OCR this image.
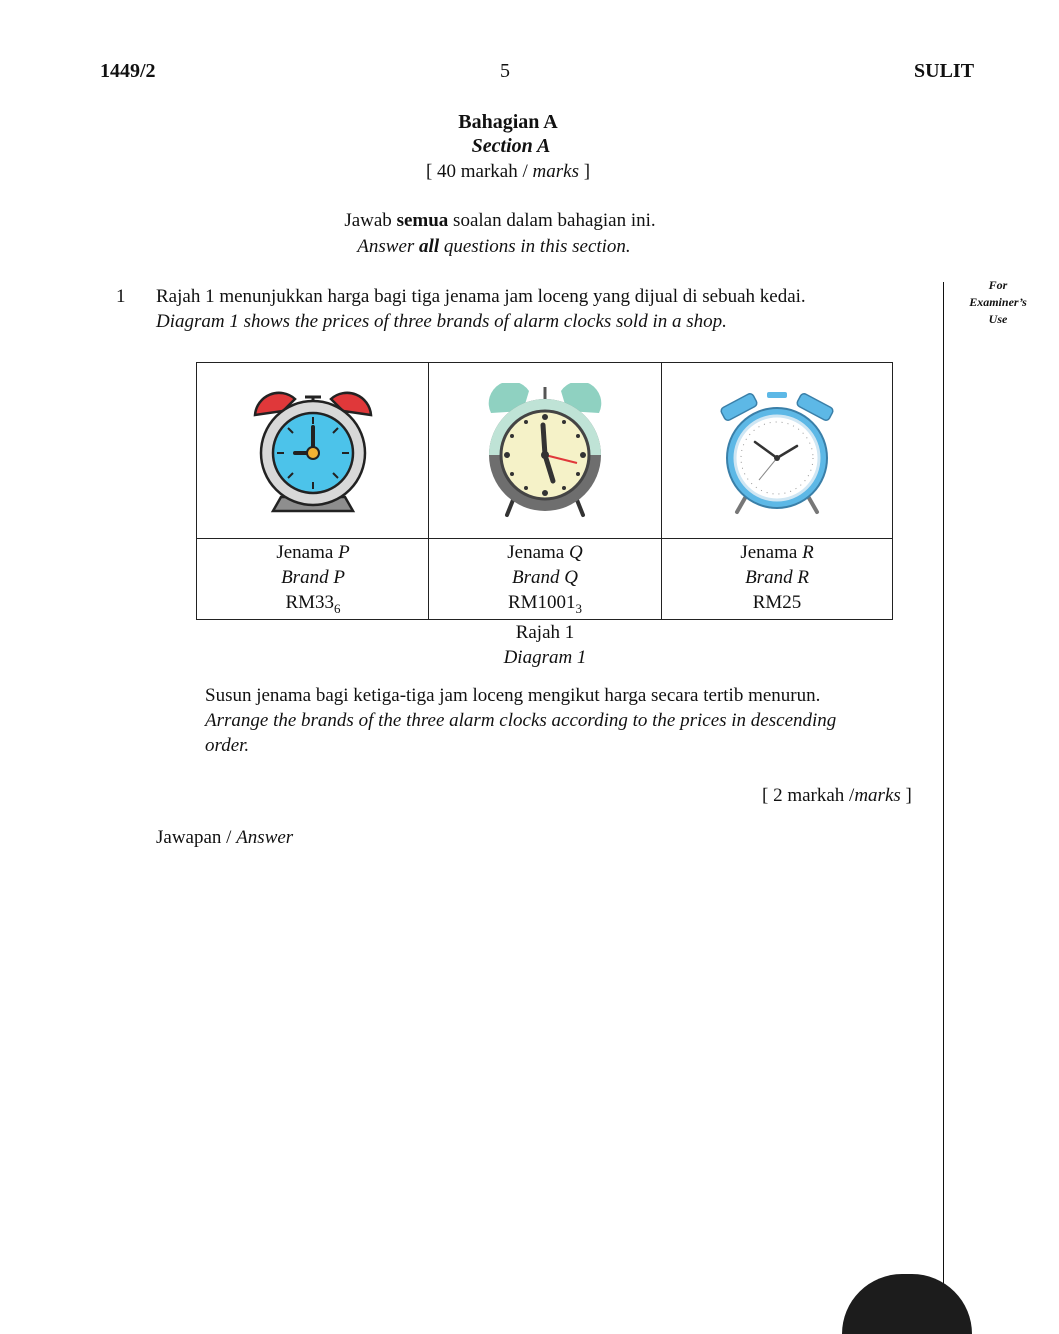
1449/2	5	SULIT
Bahagian A
Section A
[ 40 markah / marks ]
Jawab semua soalan dalam bahagian ini.
Answer all questions in this section.
For
Examiner’s
Use
1 Rajah 1 menunjukkan harga bagi tiga jenama jam loceng yang dijual di sebuah kedai.
Diagram 1 shows the prices of three brands of alarm clocks sold in a shop.
Jenama P
Brand P
$RM33_6$
Jenama Q
Brand Q
$RM1001_3$
Jenama R
Brand R
RM25
Rajah 1
Diagram 1
Susun jenama bagi ketiga-tiga jam loceng mengikut harga secara tertib menurun.
Arrange the brands of the three alarm clocks according to the prices in descending
order.
[ 2 markah /marks ]
Jawapan / Answer
